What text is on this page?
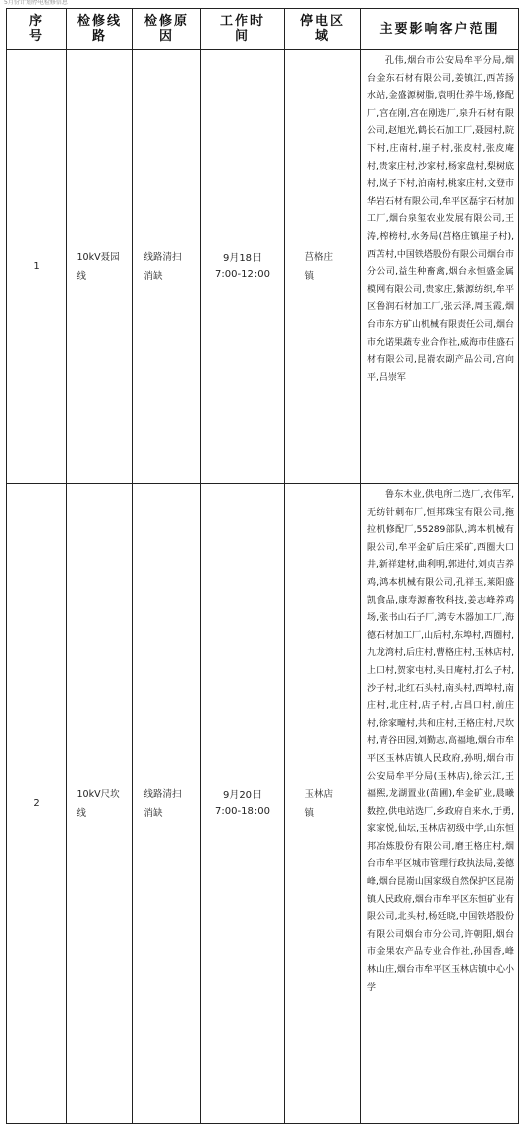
5月份计划停电检修信息
序号	检修线路	检修原因	工作时间	停电区域	主要影响客户范围

1	10kV聂园线	线路清扫消缺	9月18日 7:00-12:00	莒格庄镇	孔伟,烟台市公安局牟平分局,烟台金东石材有限公司,姜镇江,西苫扬水站,金盛源树脂,袁明仕养牛场,修配厂,宫在刚,宫在刚选厂,泉升石材有限公司,赵旭光,鹤长石加工厂,聂园村,院下村,庄南村,崖子村,张皮村,张皮庵村,贵家庄村,沙家村,杨家盘村,梨树底村,岚子下村,泊南村,桃家庄村,文登市华岩石材有限公司,牟平区磊宇石材加工厂,烟台泉玺农业发展有限公司,王涛,榨榜村,水务局(莒格庄镇崖子村),西苫村,中国铁塔股份有限公司烟台市分公司,益生种畜禽,烟台永恒盛金属模网有限公司,贵家庄,紫源纺织,牟平区鲁润石材加工厂,张云泽,周玉霞,烟台市东方矿山机械有限责任公司,烟台市允诺果蔬专业合作社,威海市佳盛石材有限公司,昆嵛农副产品公司,宫向平,吕崇军

2	10kV尺坎线	线路清扫消缺	9月20日 7:00-18:00	玉林店镇	鲁东木业,供电所二选厂,衣伟军,无纺针刺布厂,恒邦珠宝有限公司,拖拉机修配厂,55289部队,鸿本机械有限公司,牟平金矿后庄采矿,西圈大口井,新祥建材,曲利明,郭进付,刘贞吉养鸡,鸿本机械有限公司,孔祥玉,莱阳盛凯食品,康寿源畜牧科技,姜志峰养鸡场,张书山石子厂,鸿专木器加工厂,海德石材加工厂,山后村,东埠村,西圈村,九龙湾村,后庄村,曹格庄村,玉林店村,上口村,贺家屯村,头日庵村,打么子村,沙子村,北红石头村,南头村,西埠村,南庄村,北庄村,店子村,占昌口村,前庄村,徐家疃村,共和庄村,王格庄村,尺坎村,青谷田园,刘勤志,高福地,烟台市牟平区玉林店镇人民政府,孙明,烟台市公安局牟平分局(玉林店),徐云江,王福熙,龙湖置业(苗圃),牟金矿业,晨曦数控,供电站选厂,乡政府自来水,于勇,家家悦,仙坛,玉林店初级中学,山东恒邦冶炼股份有限公司,磨王格庄村,烟台市牟平区城市管理行政执法局,姜德峰,烟台昆嵛山国家级自然保护区昆嵛镇人民政府,烟台市牟平区东恒矿业有限公司,北头村,杨廷晓,中国铁塔股份有限公司烟台市分公司,许朝阳,烟台市金果农产品专业合作社,孙国香,峰林山庄,烟台市牟平区玉林店镇中心小学
